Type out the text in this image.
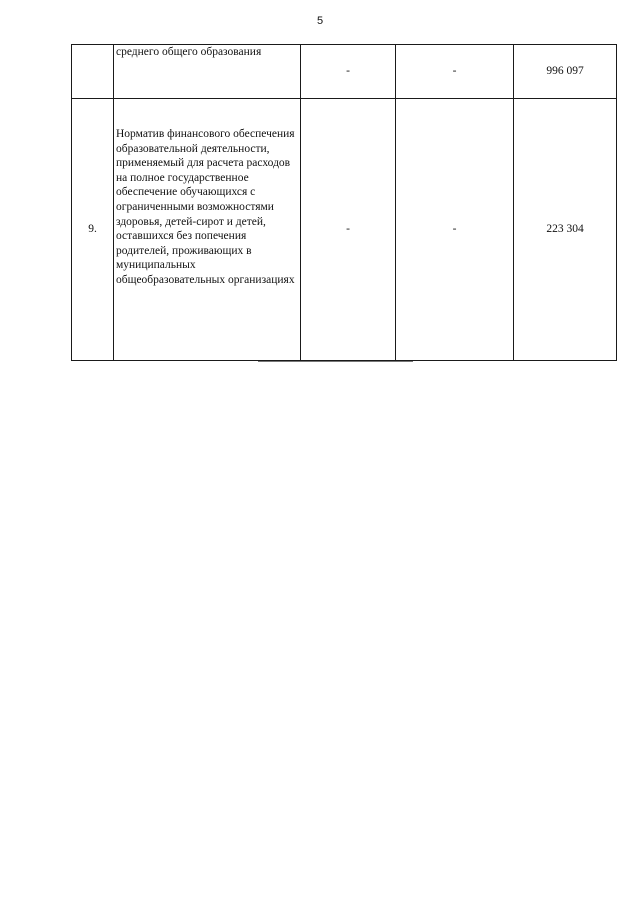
5

	среднего общего образования	-	-	996 097
9.	Норматив финансового обеспечения образовательной деятельности, применяемый для расчета расходов на полное государственное обеспечение обучающихся с ограниченными возможностями здоровья, детей-сирот и детей, оставшихся без попечения родителей, проживающих в муниципальных общеобразовательных организациях	-	-	223 304
